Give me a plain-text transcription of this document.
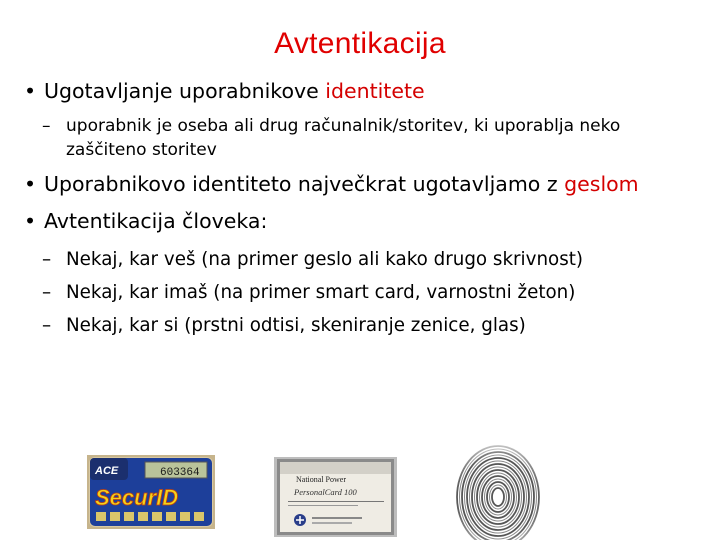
Avtentikacija
• Ugotavljanje uporabnikove identitete
– uporabnik je oseba ali drug računalnik/storitev, ki uporablja neko zaščiteno storitev
• Uporabnikovo identiteto največkrat ugotavljamo z geslom
• Avtentikacija človeka:
– Nekaj, kar veš (na primer geslo ali kako drugo skrivnost)
– Nekaj, kar imaš (na primer smart card, varnostni žeton)
– Nekaj, kar si (prstni odtisi, skeniranje zenice, glas)
ACE	603364
SecurID
National Power
PersonalCard 100
